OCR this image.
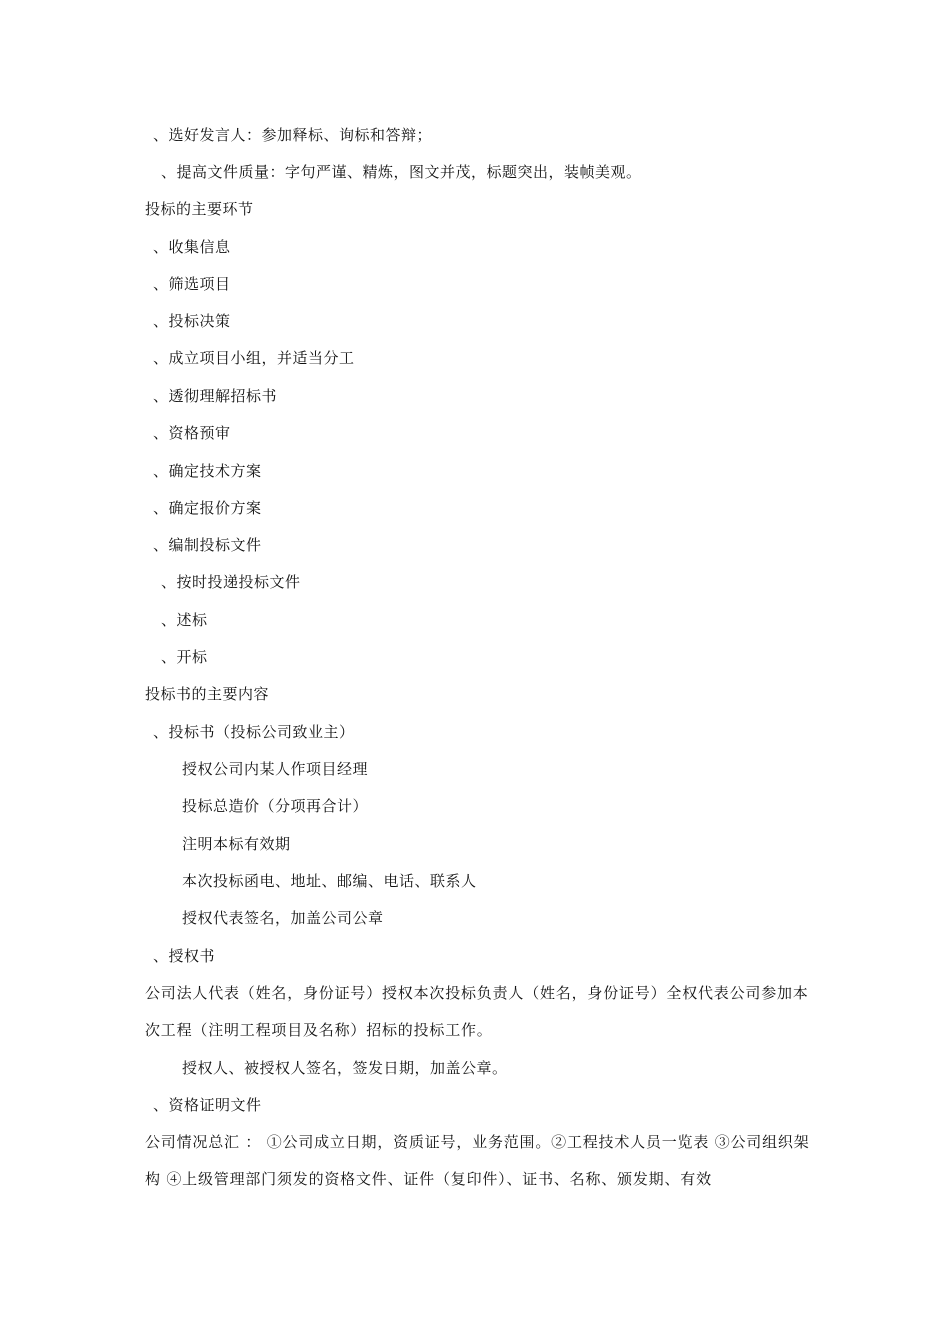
、选好发言人：参加释标、询标和答辩；
、提高文件质量：字句严谨、精炼，图文并茂，标题突出，装帧美观。
投标的主要环节
、收集信息
、筛选项目
、投标决策
、成立项目小组，并适当分工
、透彻理解招标书
、资格预审
、确定技术方案
、确定报价方案
、编制投标文件
、按时投递投标文件
、述标
、开标
投标书的主要内容
、投标书（投标公司致业主）
授权公司内某人作项目经理
投标总造价（分项再合计）
注明本标有效期
本次投标函电、地址、邮编、电话、联系人
授权代表签名，加盖公司公章
、授权书
公司法人代表（姓名，身份证号）授权本次投标负责人（姓名，身份证号）全权代表公司参加本次工程（注明工程项目及名称）招标的投标工作。
授权人、被授权人签名，签发日期，加盖公章。
、资格证明文件
公司情况总汇 ： ①公司成立日期，资质证号，业务范围。②工程技术人员一览表 ③公司组织架构 ④上级管理部门须发的资格文件、证件（复印件）、证书、名称、颁发期、有效
